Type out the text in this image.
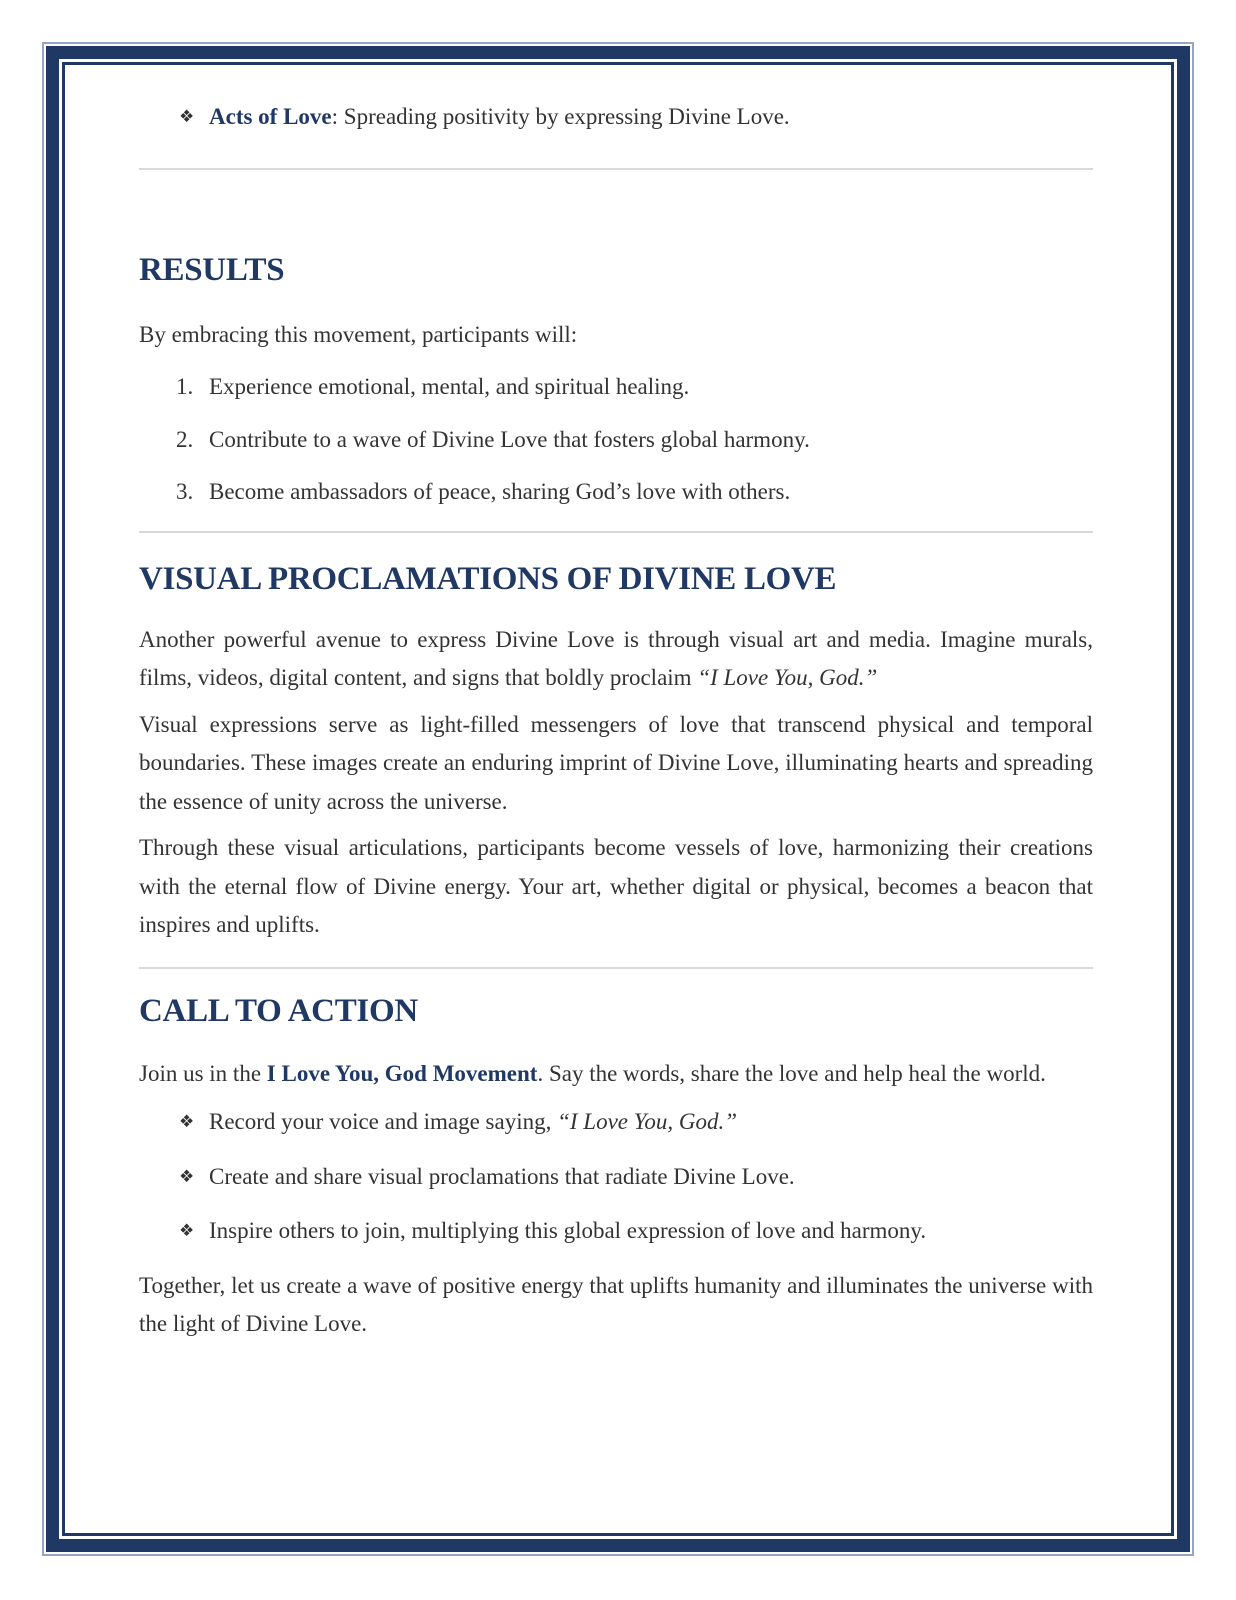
❖ Acts of Love: Spreading positivity by expressing Divine Love.
RESULTS

By embracing this movement, participants will:

1. Experience emotional, mental, and spiritual healing.
2. Contribute to a wave of Divine Love that fosters global harmony.
3. Become ambassadors of peace, sharing God’s love with others.
VISUAL PROCLAMATIONS OF DIVINE LOVE

Another powerful avenue to express Divine Love is through visual art and media. Imagine murals, films, videos, digital content, and signs that boldly proclaim “I Love You, God.”

Visual expressions serve as light-filled messengers of love that transcend physical and temporal boundaries. These images create an enduring imprint of Divine Love, illuminating hearts and spreading the essence of unity across the universe.

Through these visual articulations, participants become vessels of love, harmonizing their creations with the eternal flow of Divine energy. Your art, whether digital or physical, becomes a beacon that inspires and uplifts.

CALL TO ACTION

Join us in the I Love You, God Movement. Say the words, share the love and help heal the world.

❖ Record your voice and image saying, “I Love You, God.”
❖ Create and share visual proclamations that radiate Divine Love.
❖ Inspire others to join, multiplying this global expression of love and harmony.

Together, let us create a wave of positive energy that uplifts humanity and illuminates the universe with the light of Divine Love.
